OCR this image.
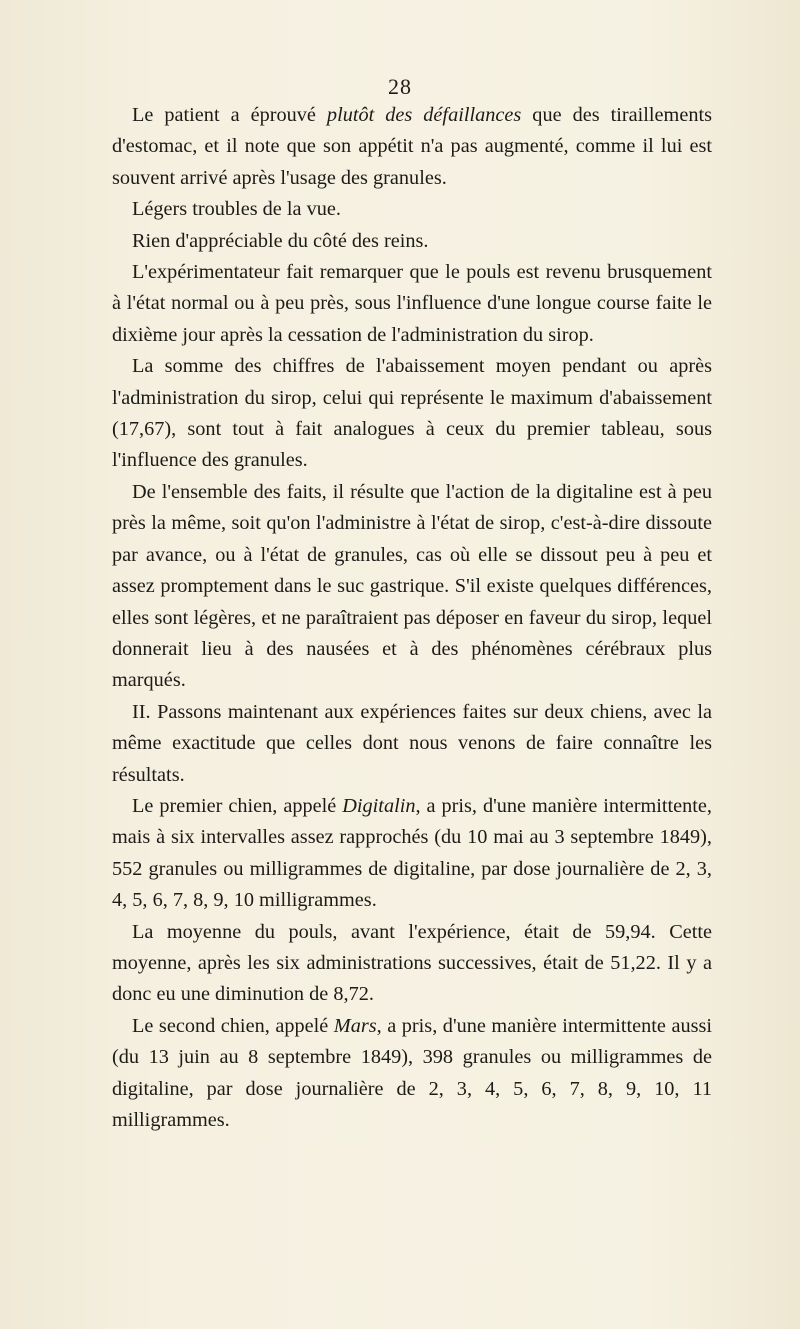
28

Le patient a éprouvé plutôt des défaillances que des tiraillements d'estomac, et il note que son appétit n'a pas augmenté, comme il lui est souvent arrivé après l'usage des granules.

Légers troubles de la vue.

Rien d'appréciable du côté des reins.

L'expérimentateur fait remarquer que le pouls est revenu brusquement à l'état normal ou à peu près, sous l'influence d'une longue course faite le dixième jour après la cessation de l'administration du sirop.

La somme des chiffres de l'abaissement moyen pendant ou après l'administration du sirop, celui qui représente le maximum d'abaissement (17,67), sont tout à fait analogues à ceux du premier tableau, sous l'influence des granules.

De l'ensemble des faits, il résulte que l'action de la digitaline est à peu près la même, soit qu'on l'administre à l'état de sirop, c'est-à-dire dissoute par avance, ou à l'état de granules, cas où elle se dissout peu à peu et assez promptement dans le suc gastrique. S'il existe quelques différences, elles sont légères, et ne paraîtraient pas déposer en faveur du sirop, lequel donnerait lieu à des nausées et à des phénomènes cérébraux plus marqués.

II. Passons maintenant aux expériences faites sur deux chiens, avec la même exactitude que celles dont nous venons de faire connaître les résultats.

Le premier chien, appelé Digitalin, a pris, d'une manière intermittente, mais à six intervalles assez rapprochés (du 10 mai au 3 septembre 1849), 552 granules ou milligrammes de digitaline, par dose journalière de 2, 3, 4, 5, 6, 7, 8, 9, 10 milligrammes.

La moyenne du pouls, avant l'expérience, était de 59,94. Cette moyenne, après les six administrations successives, était de 51,22. Il y a donc eu une diminution de 8,72.

Le second chien, appelé Mars, a pris, d'une manière intermittente aussi (du 13 juin au 8 septembre 1849), 398 granules ou milligrammes de digitaline, par dose journalière de 2, 3, 4, 5, 6, 7, 8, 9, 10, 11 milligrammes.
